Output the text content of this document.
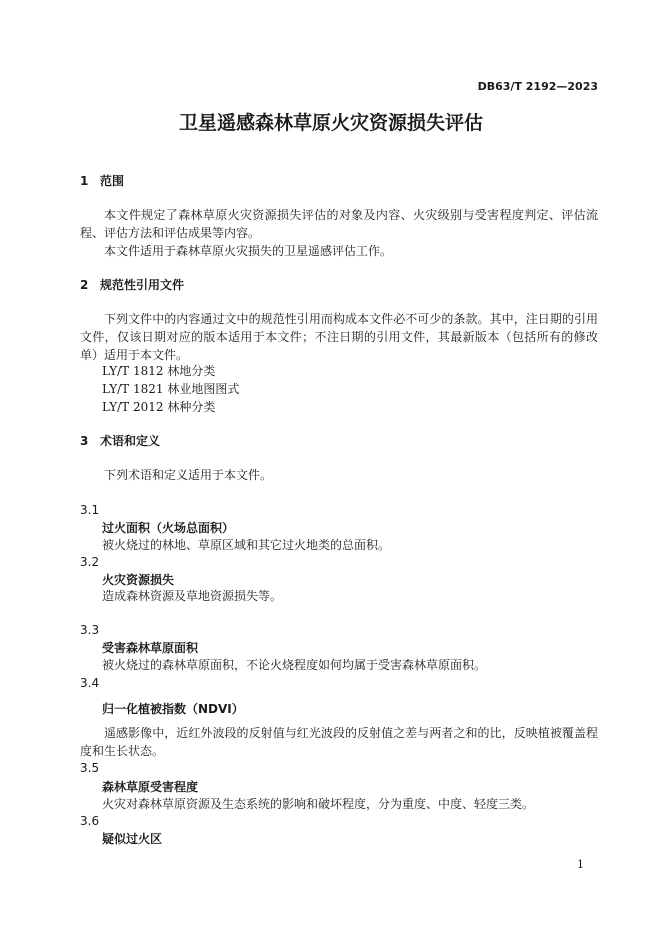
DB63/T 2192—2023
卫星遥感森林草原火灾资源损失评估
1 范围

本文件规定了森林草原火灾资源损失评估的对象及内容、火灾级别与受害程度判定、评估流程、评估方法和评估成果等内容。

本文件适用于森林草原火灾损失的卫星遥感评估工作。

2 规范性引用文件

下列文件中的内容通过文中的规范性引用而构成本文件必不可少的条款。其中，注日期的引用文件，仅该日期对应的版本适用于本文件；不注日期的引用文件，其最新版本（包括所有的修改单）适用于本文件。

LY/T 1812 林地分类
LY/T 1821 林业地图图式
LY/T 2012 林种分类
3 术语和定义
下列术语和定义适用于本文件。
3.1
过火面积（火场总面积）
被火烧过的林地、草原区域和其它过火地类的总面积。
3.2
火灾资源损失
造成森林资源及草地资源损失等。
3.3
受害森林草原面积
被火烧过的森林草原面积，不论火烧程度如何均属于受害森林草原面积。
3.4
归一化植被指数（NDVI）

遥感影像中，近红外波段的反射值与红光波段的反射值之差与两者之和的比，反映植被覆盖程度和生长状态。

3.5
森林草原受害程度
火灾对森林草原资源及生态系统的影响和破坏程度，分为重度、中度、轻度三类。
3.6
疑似过火区
1
